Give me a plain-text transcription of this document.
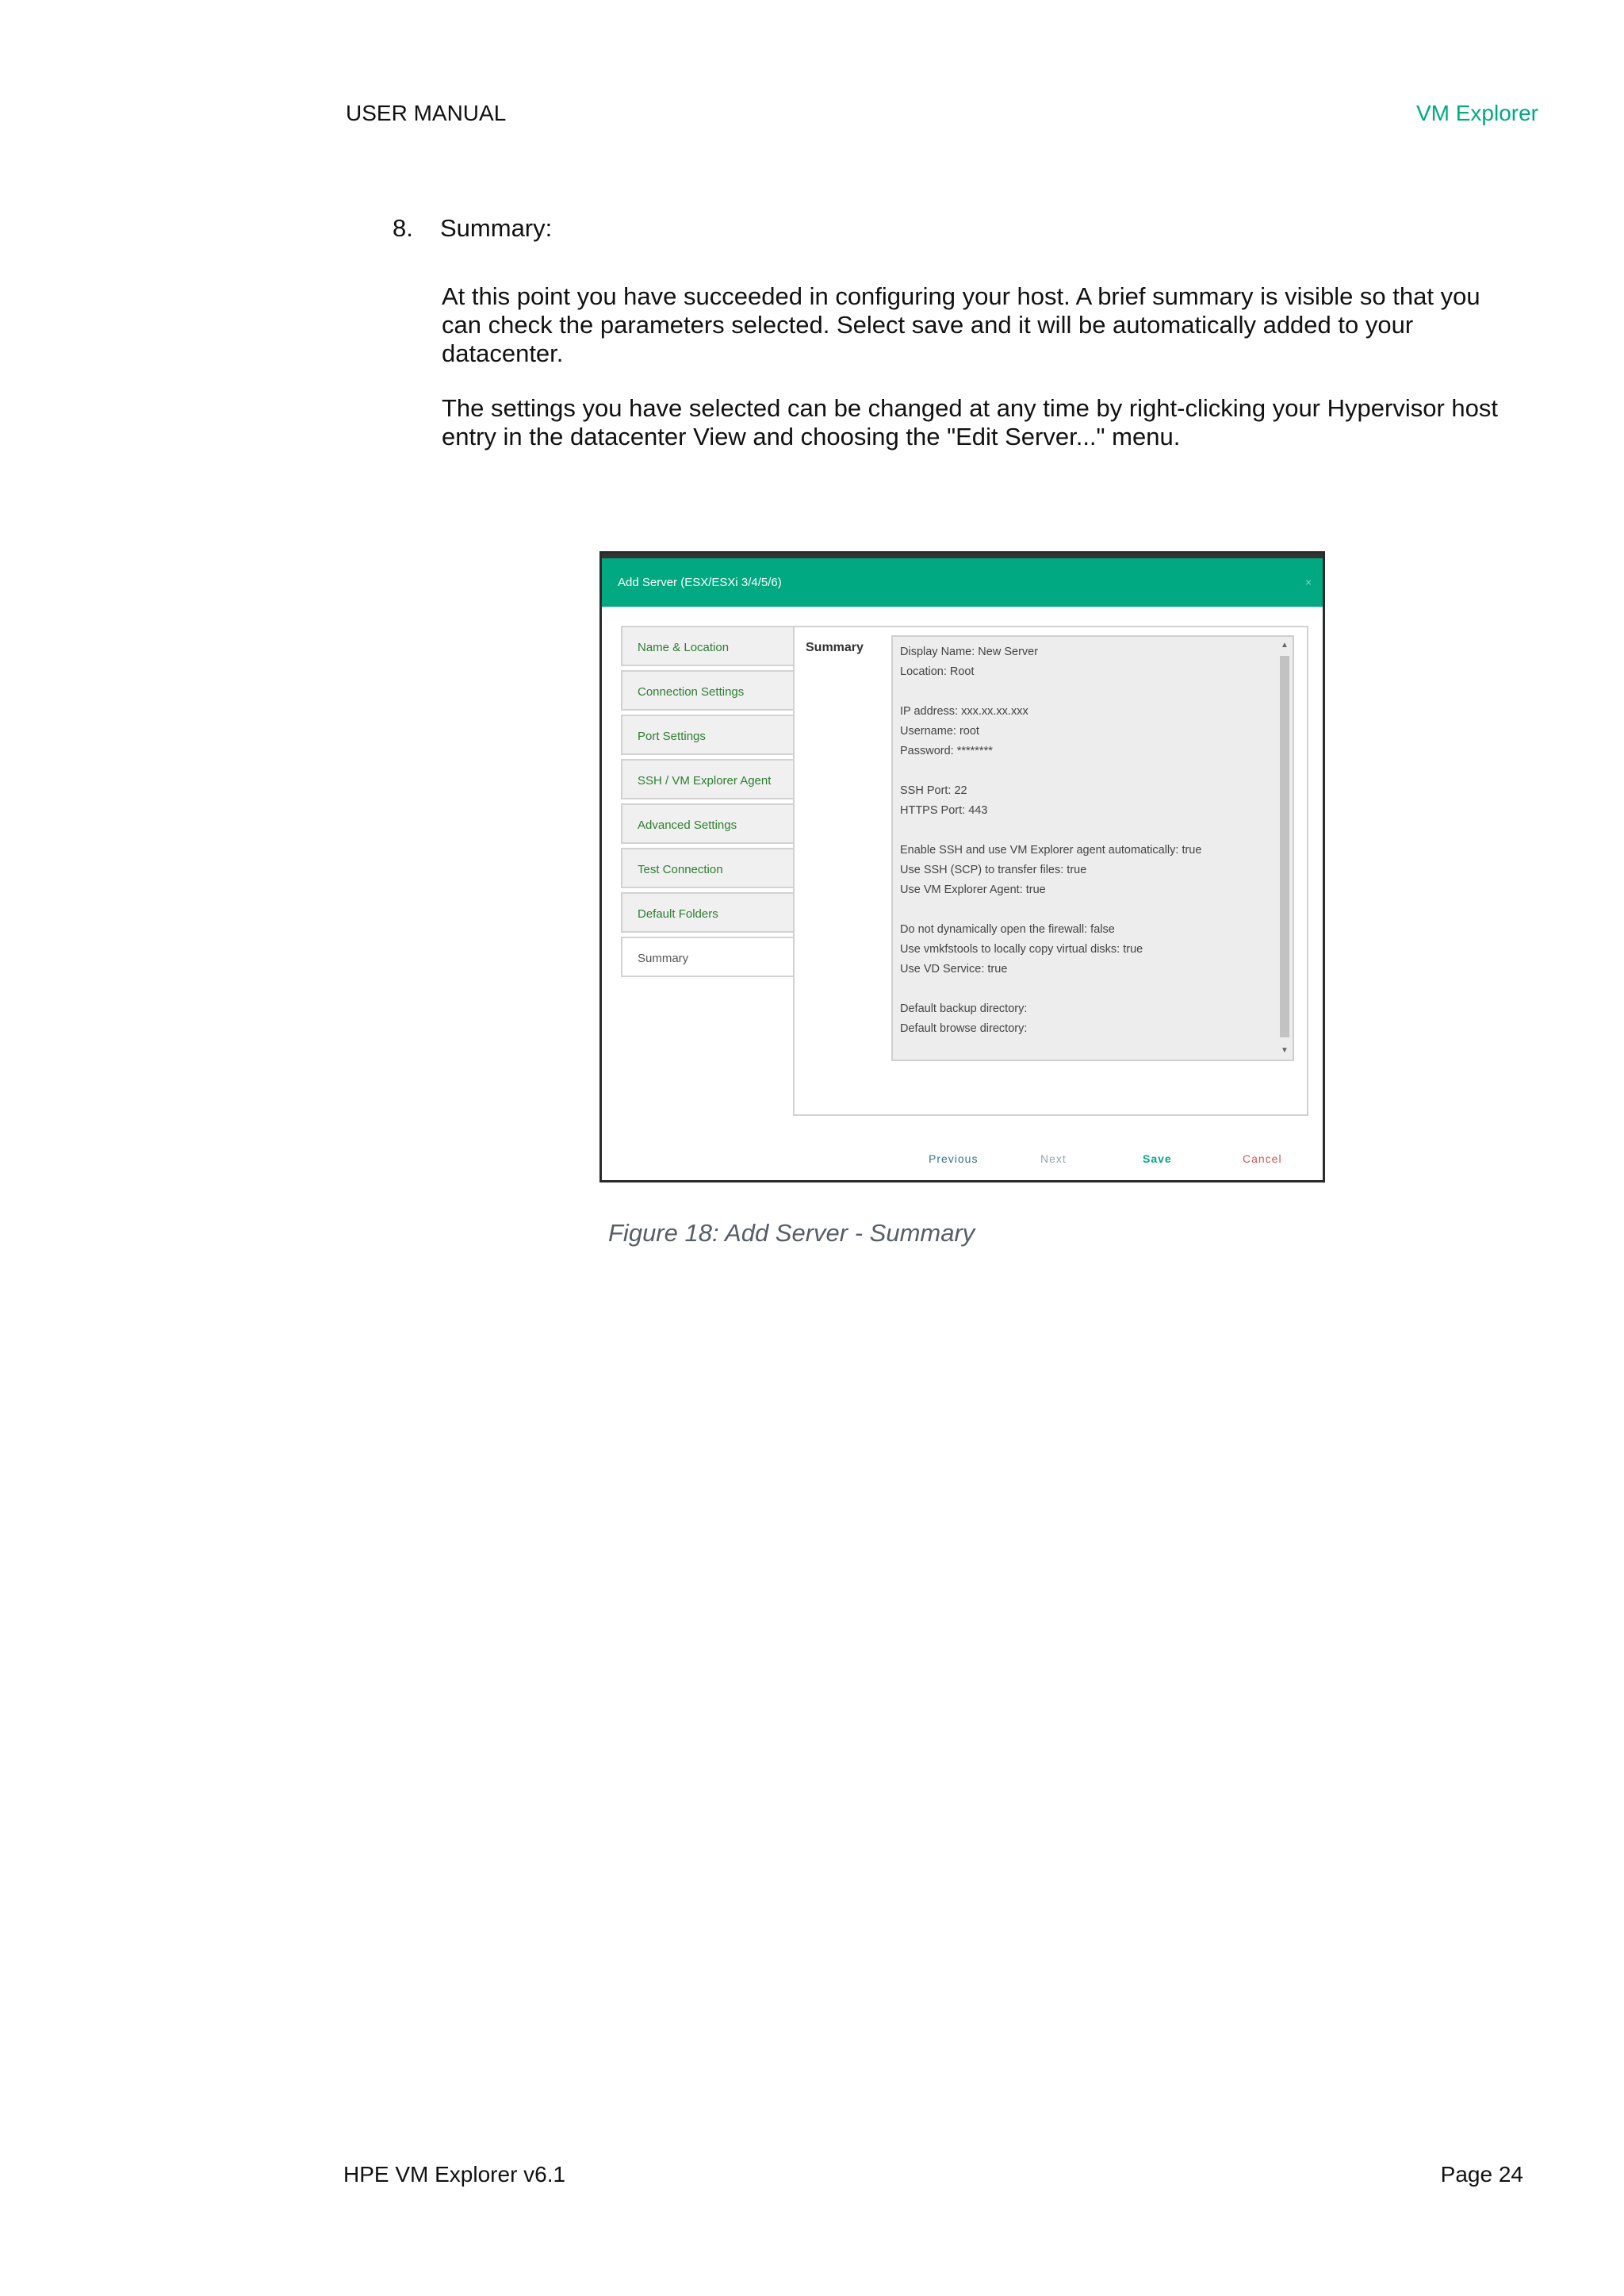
USER MANUAL	VM Explorer
8. Summary:

At this point you have succeeded in configuring your host. A brief summary is visible so that you can check the parameters selected. Select save and it will be automatically added to your datacenter.

The settings you have selected can be changed at any time by right-clicking your Hypervisor host entry in the datacenter View and choosing the "Edit Server..." menu.

Add Server (ESX/ESXi 3/4/5/6)	×
Name & Location
Connection Settings
Port Settings
SSH / VM Explorer Agent
Advanced Settings
Test Connection
Default Folders
Summary
Summary	Display Name: New Server
Location: Root
IP address: xxx.xx.xx.xxx
Username: root
Password: ********
SSH Port: 22
HTTPS Port: 443
Enable SSH and use VM Explorer agent automatically: true
Use SSH (SCP) to transfer files: true
Use VM Explorer Agent: true
Do not dynamically open the firewall: false
Use vmkfstools to locally copy virtual disks: true
Use VD Service: true
Default backup directory:
Default browse directory:
▲
▼
Previous	Next	Save	Cancel
Figure 18: Add Server - Summary
HPE VM Explorer v6.1	Page 24
